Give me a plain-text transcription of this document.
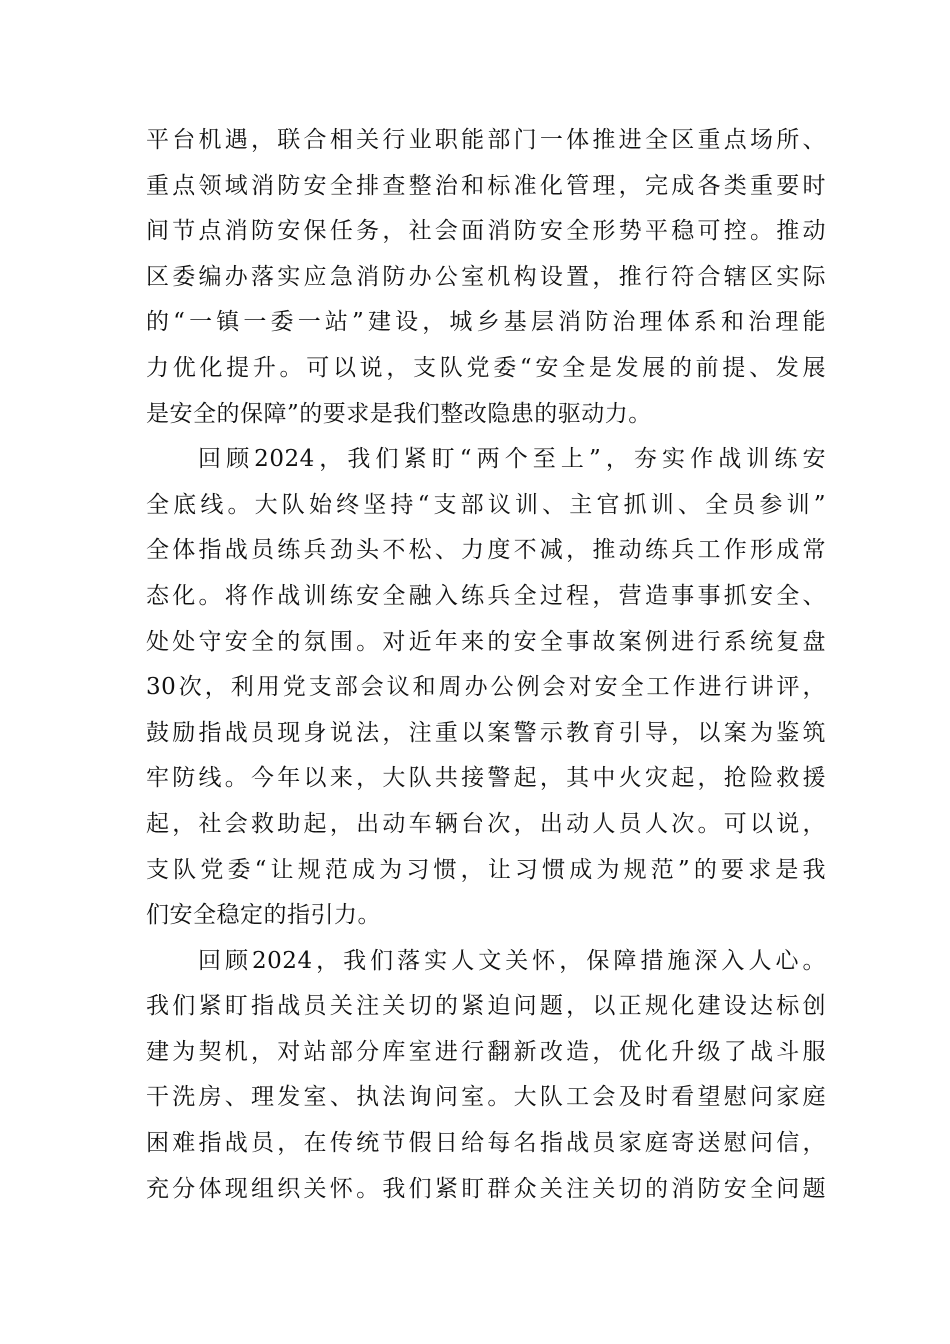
平台机遇，联合相关行业职能部门一体推进全区重点场所、
重点领域消防安全排查整治和标准化管理，完成各类重要时
间节点消防安保任务，社会面消防安全形势平稳可控。推动
区委编办落实应急消防办公室机构设置，推行符合辖区实际
的“一镇一委一站”建设，城乡基层消防治理体系和治理能
力优化提升。可以说，支队党委“安全是发展的前提、发展
是安全的保障”的要求是我们整改隐患的驱动力。
回顾2024，我们紧盯“两个至上”，夯实作战训练安
全底线。大队始终坚持“支部议训、主官抓训、全员参训”
全体指战员练兵劲头不松、力度不减，推动练兵工作形成常
态化。将作战训练安全融入练兵全过程，营造事事抓安全、
处处守安全的氛围。对近年来的安全事故案例进行系统复盘
30次，利用党支部会议和周办公例会对安全工作进行讲评，
鼓励指战员现身说法，注重以案警示教育引导，以案为鉴筑
牢防线。今年以来，大队共接警起，其中火灾起，抢险救援
起，社会救助起，出动车辆台次，出动人员人次。可以说，
支队党委“让规范成为习惯，让习惯成为规范”的要求是我
们安全稳定的指引力。
回顾2024，我们落实人文关怀，保障措施深入人心。
我们紧盯指战员关注关切的紧迫问题，以正规化建设达标创
建为契机，对站部分库室进行翻新改造，优化升级了战斗服
干洗房、理发室、执法询问室。大队工会及时看望慰问家庭
困难指战员，在传统节假日给每名指战员家庭寄送慰问信，
充分体现组织关怀。我们紧盯群众关注关切的消防安全问题
